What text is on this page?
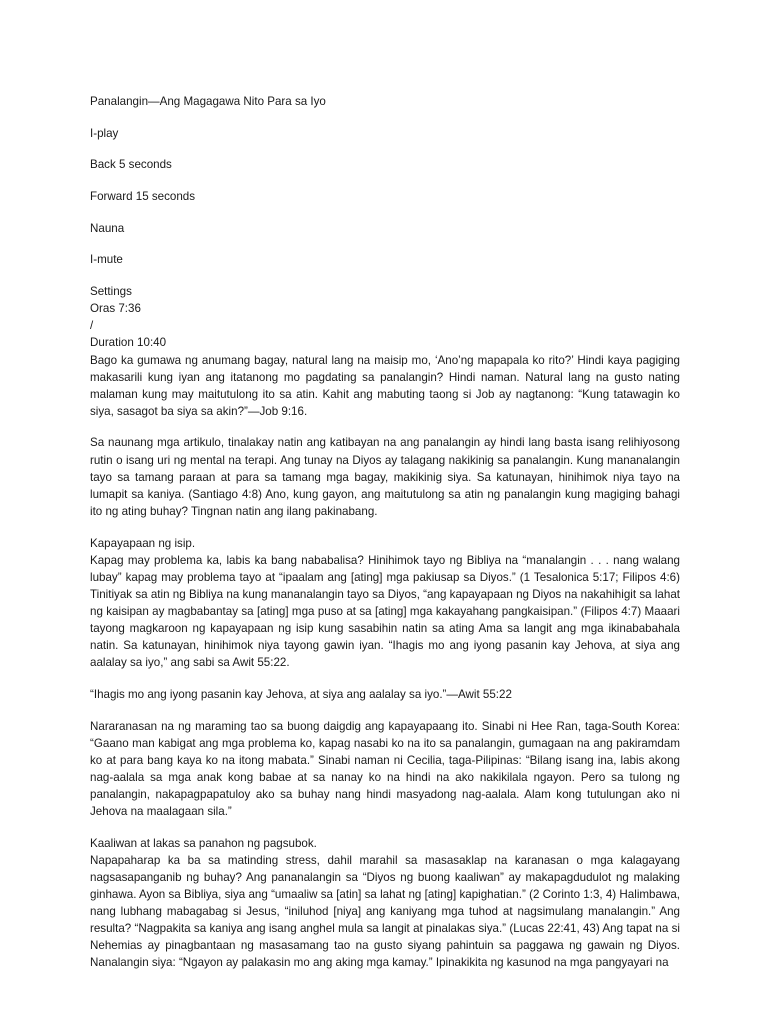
Panalangin—Ang Magagawa Nito Para sa Iyo
I-play
Back 5 seconds
Forward 15 seconds
Nauna
I-mute
Settings
Oras 7:36
/
Duration 10:40

Bago ka gumawa ng anumang bagay, natural lang na maisip mo, ‘Ano’ng mapapala ko rito?’ Hindi kaya pagiging makasarili kung iyan ang itatanong mo pagdating sa panalangin? Hindi naman. Natural lang na gusto nating malaman kung may maitutulong ito sa atin. Kahit ang mabuting taong si Job ay nagtanong: “Kung tatawagin ko siya, sasagot ba siya sa akin?”—Job 9:16.

Sa naunang mga artikulo, tinalakay natin ang katibayan na ang panalangin ay hindi lang basta isang relihiyosong rutin o isang uri ng mental na terapi. Ang tunay na Diyos ay talagang nakikinig sa panalangin. Kung mananalangin tayo sa tamang paraan at para sa tamang mga bagay, makikinig siya. Sa katunayan, hinihimok niya tayo na lumapit sa kaniya. (Santiago 4:8) Ano, kung gayon, ang maitutulong sa atin ng panalangin kung magiging bahagi ito ng ating buhay? Tingnan natin ang ilang pakinabang.

Kapayapaan ng isip.

Kapag may problema ka, labis ka bang nababalisa? Hinihimok tayo ng Bibliya na “manalangin . . . nang walang lubay” kapag may problema tayo at “ipaalam ang [ating] mga pakiusap sa Diyos.” (1 Tesalonica 5:17; Filipos 4:6) Tinitiyak sa atin ng Bibliya na kung mananalangin tayo sa Diyos, “ang kapayapaan ng Diyos na nakahihigit sa lahat ng kaisipan ay magbabantay sa [ating] mga puso at sa [ating] mga kakayahang pangkaisipan.” (Filipos 4:7) Maaari tayong magkaroon ng kapayapaan ng isip kung sasabihin natin sa ating Ama sa langit ang mga ikinababahala natin. Sa katunayan, hinihimok niya tayong gawin iyan. “Ihagis mo ang iyong pasanin kay Jehova, at siya ang aalalay sa iyo,” ang sabi sa Awit 55:22.

“Ihagis mo ang iyong pasanin kay Jehova, at siya ang aalalay sa iyo.”—Awit 55:22

Nararanasan na ng maraming tao sa buong daigdig ang kapayapaang ito. Sinabi ni Hee Ran, taga-South Korea: “Gaano man kabigat ang mga problema ko, kapag nasabi ko na ito sa panalangin, gumagaan na ang pakiramdam ko at para bang kaya ko na itong mabata.” Sinabi naman ni Cecilia, taga-Pilipinas: “Bilang isang ina, labis akong nag-aalala sa mga anak kong babae at sa nanay ko na hindi na ako nakikilala ngayon. Pero sa tulong ng panalangin, nakapagpapatuloy ako sa buhay nang hindi masyadong nag-aalala. Alam kong tutulungan ako ni Jehova na maalagaan sila.”

Kaaliwan at lakas sa panahon ng pagsubok.

Napapaharap ka ba sa matinding stress, dahil marahil sa masasaklap na karanasan o mga kalagayang nagsasapanganib ng buhay? Ang pananalangin sa “Diyos ng buong kaaliwan” ay makapagdudulot ng malaking ginhawa. Ayon sa Bibliya, siya ang “umaaliw sa [atin] sa lahat ng [ating] kapighatian.” (2 Corinto 1:3, 4) Halimbawa, nang lubhang mabagabag si Jesus, “iniluhod [niya] ang kaniyang mga tuhod at nagsimulang manalangin.” Ang resulta? “Nagpakita sa kaniya ang isang anghel mula sa langit at pinalakas siya.” (Lucas 22:41, 43) Ang tapat na si Nehemias ay pinagbantaan ng masasamang tao na gusto siyang pahintuin sa paggawa ng gawain ng Diyos. Nanalangin siya: “Ngayon ay palakasin mo ang aking mga kamay.” Ipinakikita ng kasunod na mga pangyayari na
